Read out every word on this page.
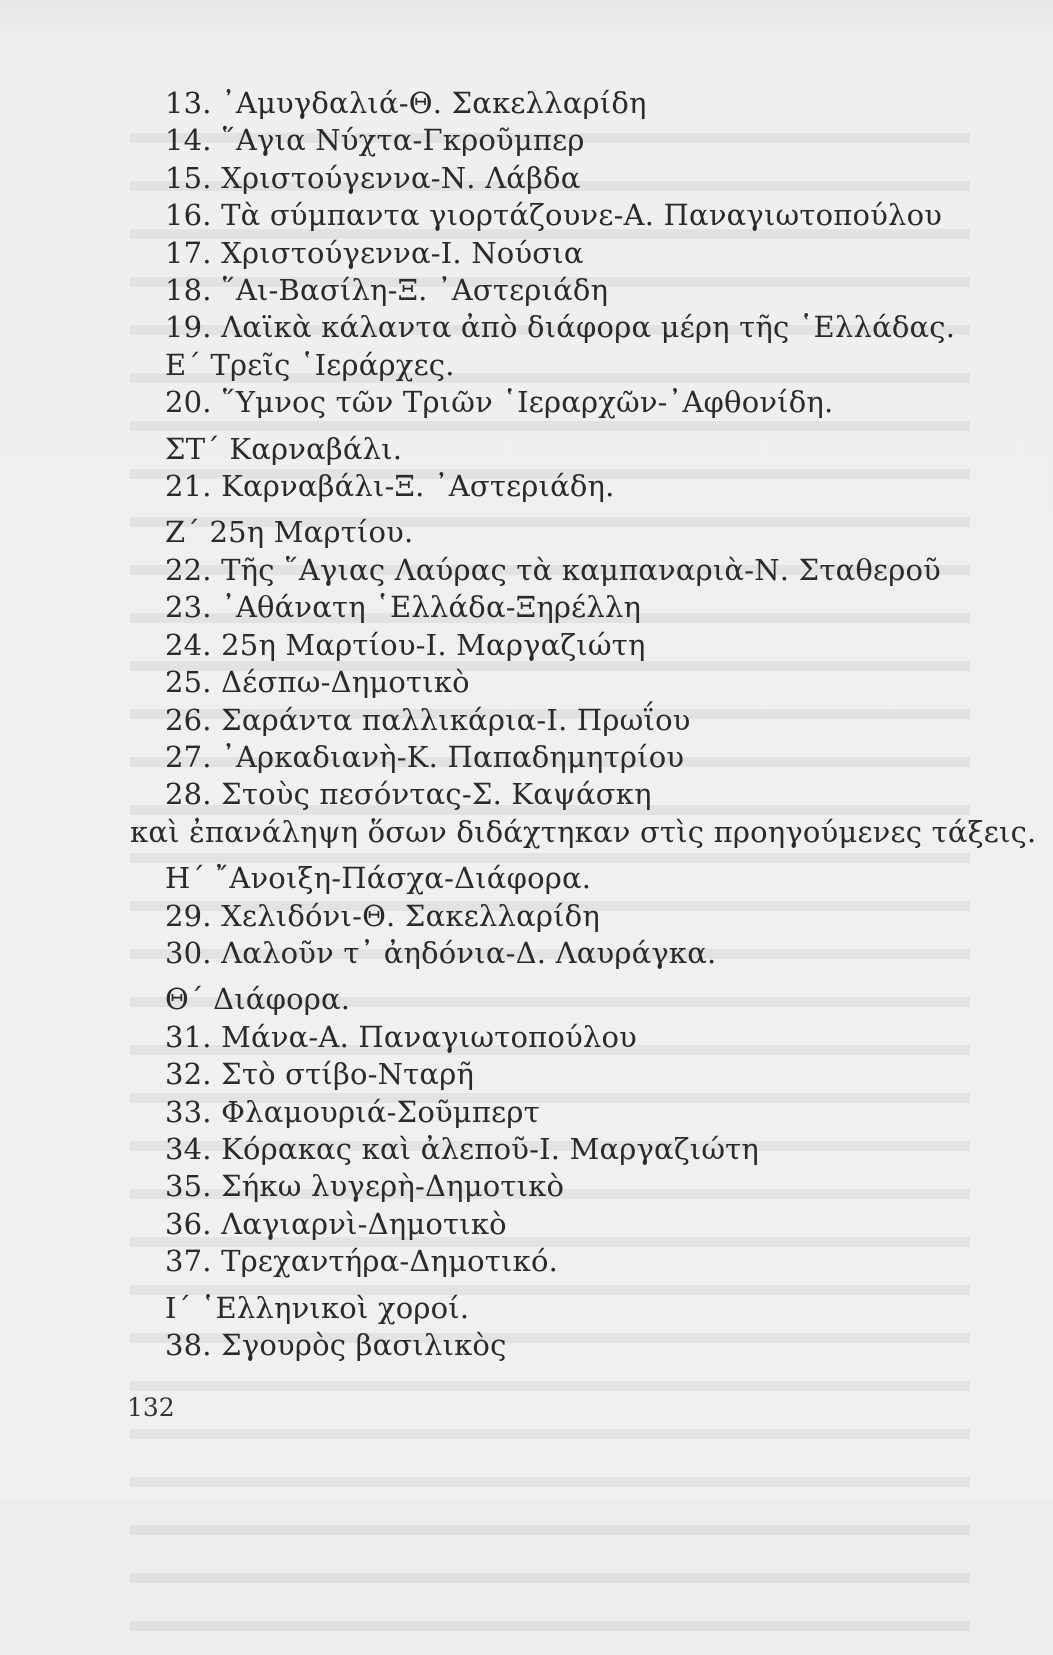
13. ᾿Αμυγδαλιά-Θ. Σακελλαρίδη
14. ῞Αγια Νύχτα-Γκροῦμπερ
15. Χριστούγεννα-Ν. Λάβδα
16. Τὰ σύμπαντα γιορτάζουνε-Α. Παναγιωτοπούλου
17. Χριστούγεννα-Ι. Νούσια
18. ῞Αι-Βασίλη-Ξ. ᾿Αστεριάδη
19. Λαϊκὰ κάλαντα ἀπὸ διάφορα μέρη τῆς ῾Ελλάδας.
Ε΄ Τρεῖς ῾Ιεράρχες.
20. ῞Υμνος τῶν Τριῶν ῾Ιεραρχῶν-᾿Αφθονίδη.
ΣΤ΄ Καρναβάλι.
21. Καρναβάλι-Ξ. ᾿Αστεριάδη.
Ζ΄ 25η Μαρτίου.
22. Τῆς ῞Αγιας Λαύρας τὰ καμπαναριὰ-Ν. Σταθεροῦ
23. ᾿Αθάνατη ῾Ελλάδα-Ξηρέλλη
24. 25η Μαρτίου-Ι. Μαργαζιώτη
25. Δέσπω-Δημοτικὸ
26. Σαράντα παλλικάρια-Ι. Πρωΐου
27. ᾿Αρκαδιανὴ-Κ. Παπαδημητρίου
28. Στοὺς πεσόντας-Σ. Καψάσκη
καὶ ἐπανάληψη ὅσων διδάχτηκαν στὶς προηγούμενες τάξεις.
Η΄ ῎Ανοιξη-Πάσχα-Διάφορα.
29. Χελιδόνι-Θ. Σακελλαρίδη
30. Λαλοῦν τ᾿ ἀηδόνια-Δ. Λαυράγκα.
Θ΄ Διάφορα.
31. Μάνα-Α. Παναγιωτοπούλου
32. Στὸ στίβο-Νταρῆ
33. Φλαμουριά-Σοῦμπερτ
34. Κόρακας καὶ ἀλεποῦ-Ι. Μαργαζιώτη
35. Σήκω λυγερὴ-Δημοτικὸ
36. Λαγιαρνὶ-Δημοτικὸ
37. Τρεχαντήρα-Δημοτικό.
Ι΄ ῾Ελληνικοὶ χοροί.
38. Σγουρὸς βασιλικὸς
132
